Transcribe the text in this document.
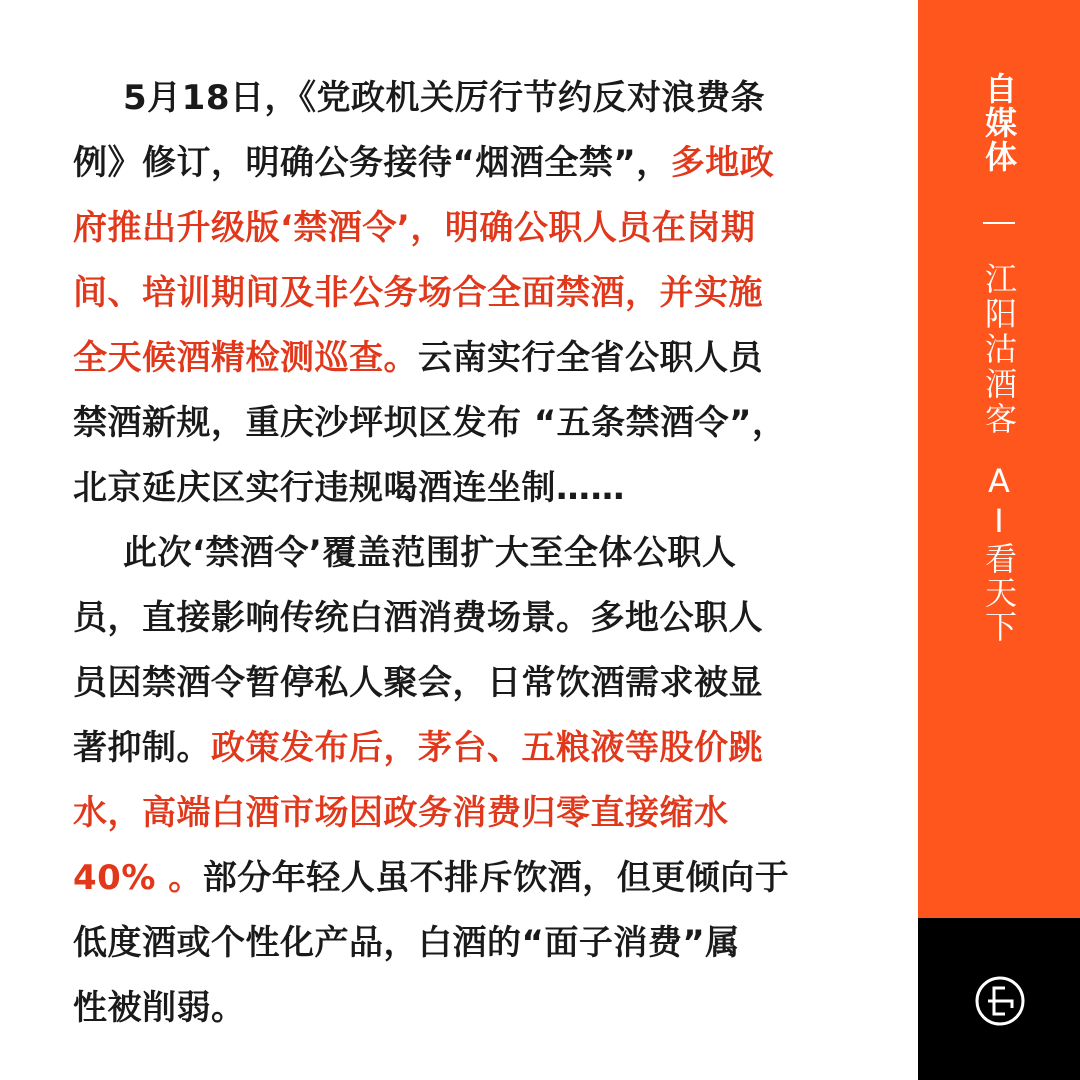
5月18日，《党政机关厉行节约反对浪费条
例》修订，明确公务接待“烟酒全禁”，多地政
府推出升级版‘禁酒令’，明确公职人员在岗期
间、培训期间及非公务场合全面禁酒，并实施
全天候酒精检测巡查。云南实行全省公职人员
禁酒新规，重庆沙坪坝区发布 “五条禁酒令”，
北京延庆区实行违规喝酒连坐制……
此次‘禁酒令’覆盖范围扩大至全体公职人
员，直接影响传统白酒消费场景。多地公职人
员因禁酒令暂停私人聚会，日常饮酒需求被显
著抑制。政策发布后，茅台、五粮液等股价跳
水，高端白酒市场因政务消费归零直接缩水
40% 。部分年轻人虽不排斥饮酒，但更倾向于
低度酒或个性化产品，白酒的“面子消费”属
性被削弱。
自媒体
江阳沽酒客
AI看天下
